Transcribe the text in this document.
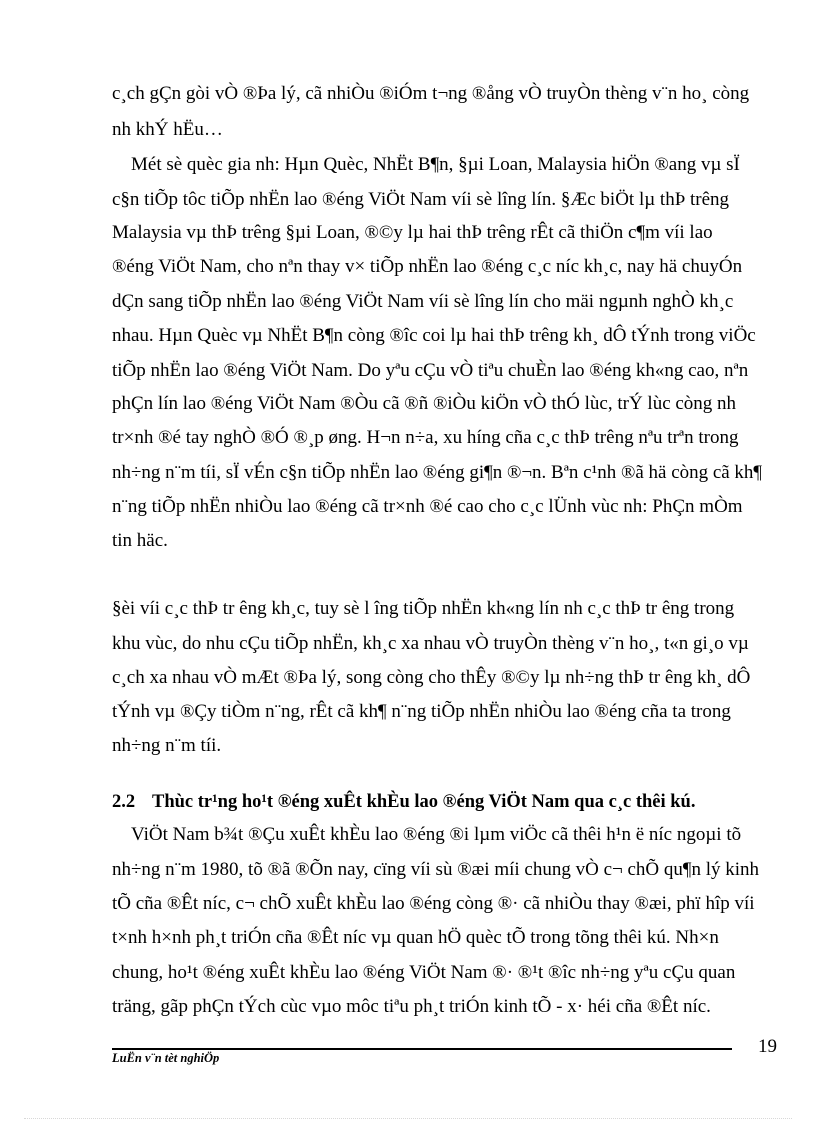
c¸ch gÇn gòi vÒ ®Þa lý, cã nhiÒu ®iÓm t¬ng ®ång vÒ truyÒn thèng v¨n ho¸ còng
nh khÝ hËu…
Mét sè quèc gia nh: Hµn Quèc, NhËt B¶n, §µi Loan, Malaysia hiÖn ®ang vµ sÏ
c§n tiÕp tôc tiÕp nhËn lao ®éng ViÖt Nam víi sè lîng lín. §Æc biÖt lµ thÞ trêng
Malaysia vµ thÞ trêng §µi Loan, ®©y lµ hai thÞ trêng rÊt cã thiÖn c¶m víi lao
®éng ViÖt Nam, cho nªn thay v× tiÕp nhËn lao ®éng c¸c níc kh¸c, nay hä chuyÓn
dÇn sang tiÕp nhËn lao ®éng ViÖt Nam víi sè lîng lín cho mäi ngµnh nghÒ kh¸c
nhau. Hµn Quèc vµ NhËt B¶n còng ®îc coi lµ hai thÞ trêng kh¸ dÔ tÝnh trong viÖc
tiÕp nhËn lao ®éng ViÖt Nam. Do yªu cÇu vÒ tiªu chuÈn lao ®éng kh«ng cao, nªn
phÇn lín lao ®éng ViÖt Nam ®Òu cã ®ñ ®iÒu kiÖn vÒ thÓ lùc, trÝ lùc còng nh
tr×nh ®é tay nghÒ ®Ó ®¸p øng. H¬n n÷a, xu híng cña c¸c thÞ trêng nªu trªn trong
nh÷ng n¨m tíi, sÏ vÉn c§n tiÕp nhËn lao ®éng gi¶n ®¬n. Bªn c¹nh ®ã hä còng cã kh¶
n¨ng tiÕp nhËn nhiÒu lao ®éng cã tr×nh ®é cao cho c¸c lÜnh vùc nh: PhÇn mÒm
tin häc.
§èi víi c¸c thÞ tr êng kh¸c, tuy sè l îng tiÕp nhËn kh«ng lín nh c¸c thÞ tr êng trong
khu vùc, do nhu cÇu tiÕp nhËn, kh¸c xa nhau vÒ truyÒn thèng v¨n ho¸, t«n gi¸o vµ
c¸ch xa nhau vÒ mÆt ®Þa lý, song còng cho thÊy ®©y lµ nh÷ng thÞ tr êng kh¸ dÔ
tÝnh vµ ®Çy tiÒm n¨ng, rÊt cã kh¶ n¨ng tiÕp nhËn nhiÒu lao ®éng cña ta trong
nh÷ng n¨m tíi.
2.2 Thùc tr¹ng ho¹t ®éng xuÊt khÈu lao ®éng ViÖt Nam qua c¸c thêi kú.
ViÖt Nam b¾t ®Çu xuÊt khÈu lao ®éng ®i lµm viÖc cã thêi h¹n ë níc ngoµi tõ
nh÷ng n¨m 1980, tõ ®ã ®Õn nay, cïng víi sù ®æi míi chung vÒ c¬ chÕ qu¶n lý kinh
tÕ cña ®Êt níc, c¬ chÕ xuÊt khÈu lao ®éng còng ®· cã nhiÒu thay ®æi, phï hîp víi
t×nh h×nh ph¸t triÓn cña ®Êt níc vµ quan hÖ quèc tÕ trong tõng thêi kú. Nh×n
chung, ho¹t ®éng xuÊt khÈu lao ®éng ViÖt Nam ®· ®¹t ®îc nh÷ng yªu cÇu quan
träng, gãp phÇn tÝch cùc vµo môc tiªu ph¸t triÓn kinh tÕ - x· héi cña ®Êt níc.
LuËn v¨n tèt nghiÖp
19
